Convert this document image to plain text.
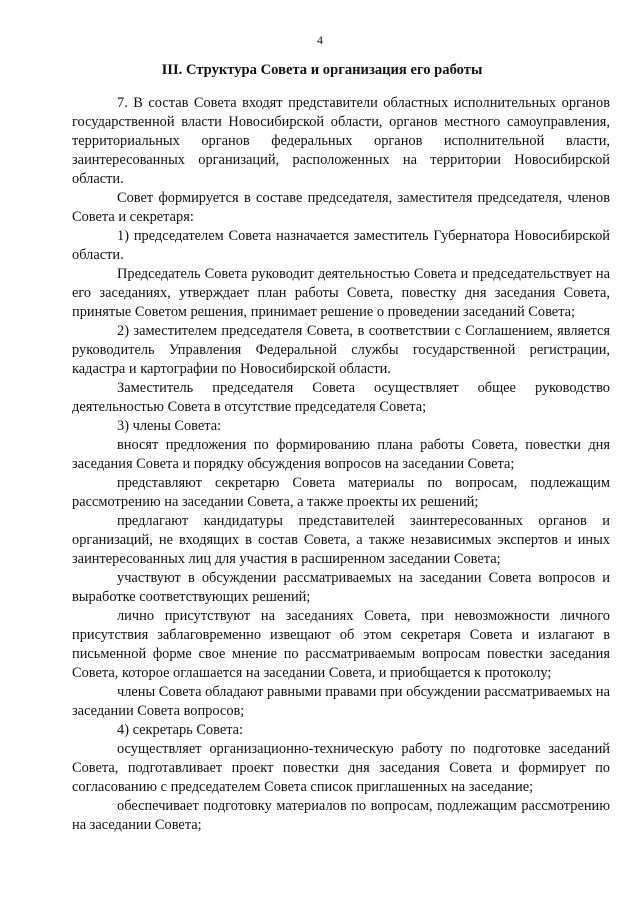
4
III. Структура Совета и организация его работы

7. В состав Совета входят представители областных исполнительных органов государственной власти Новосибирской области, органов местного самоуправления, территориальных органов федеральных органов исполнительной власти, заинтересованных организаций, расположенных на территории Новосибирской области.

Совет формируется в составе председателя, заместителя председателя, членов Совета и секретаря:

1) председателем Совета назначается заместитель Губернатора Новосибирской области.

Председатель Совета руководит деятельностью Совета и председательствует на его заседаниях, утверждает план работы Совета, повестку дня заседания Совета, принятые Советом решения, принимает решение о проведении заседаний Совета;

2) заместителем председателя Совета, в соответствии с Соглашением, является руководитель Управления Федеральной службы государственной регистрации, кадастра и картографии по Новосибирской области.

Заместитель председателя Совета осуществляет общее руководство деятельностью Совета в отсутствие председателя Совета;

3) члены Совета:

вносят предложения по формированию плана работы Совета, повестки дня заседания Совета и порядку обсуждения вопросов на заседании Совета;

представляют секретарю Совета материалы по вопросам, подлежащим рассмотрению на заседании Совета, а также проекты их решений;

предлагают кандидатуры представителей заинтересованных органов и организаций, не входящих в состав Совета, а также независимых экспертов и иных заинтересованных лиц для участия в расширенном заседании Совета;

участвуют в обсуждении рассматриваемых на заседании Совета вопросов и выработке соответствующих решений;

лично присутствуют на заседаниях Совета, при невозможности личного присутствия заблаговременно извещают об этом секретаря Совета и излагают в письменной форме свое мнение по рассматриваемым вопросам повестки заседания Совета, которое оглашается на заседании Совета, и приобщается к протоколу;

члены Совета обладают равными правами при обсуждении рассматриваемых на заседании Совета вопросов;

4) секретарь Совета:

осуществляет организационно-техническую работу по подготовке заседаний Совета, подготавливает проект повестки дня заседания Совета и формирует по согласованию с председателем Совета список приглашенных на заседание;

обеспечивает подготовку материалов по вопросам, подлежащим рассмотрению на заседании Совета;
